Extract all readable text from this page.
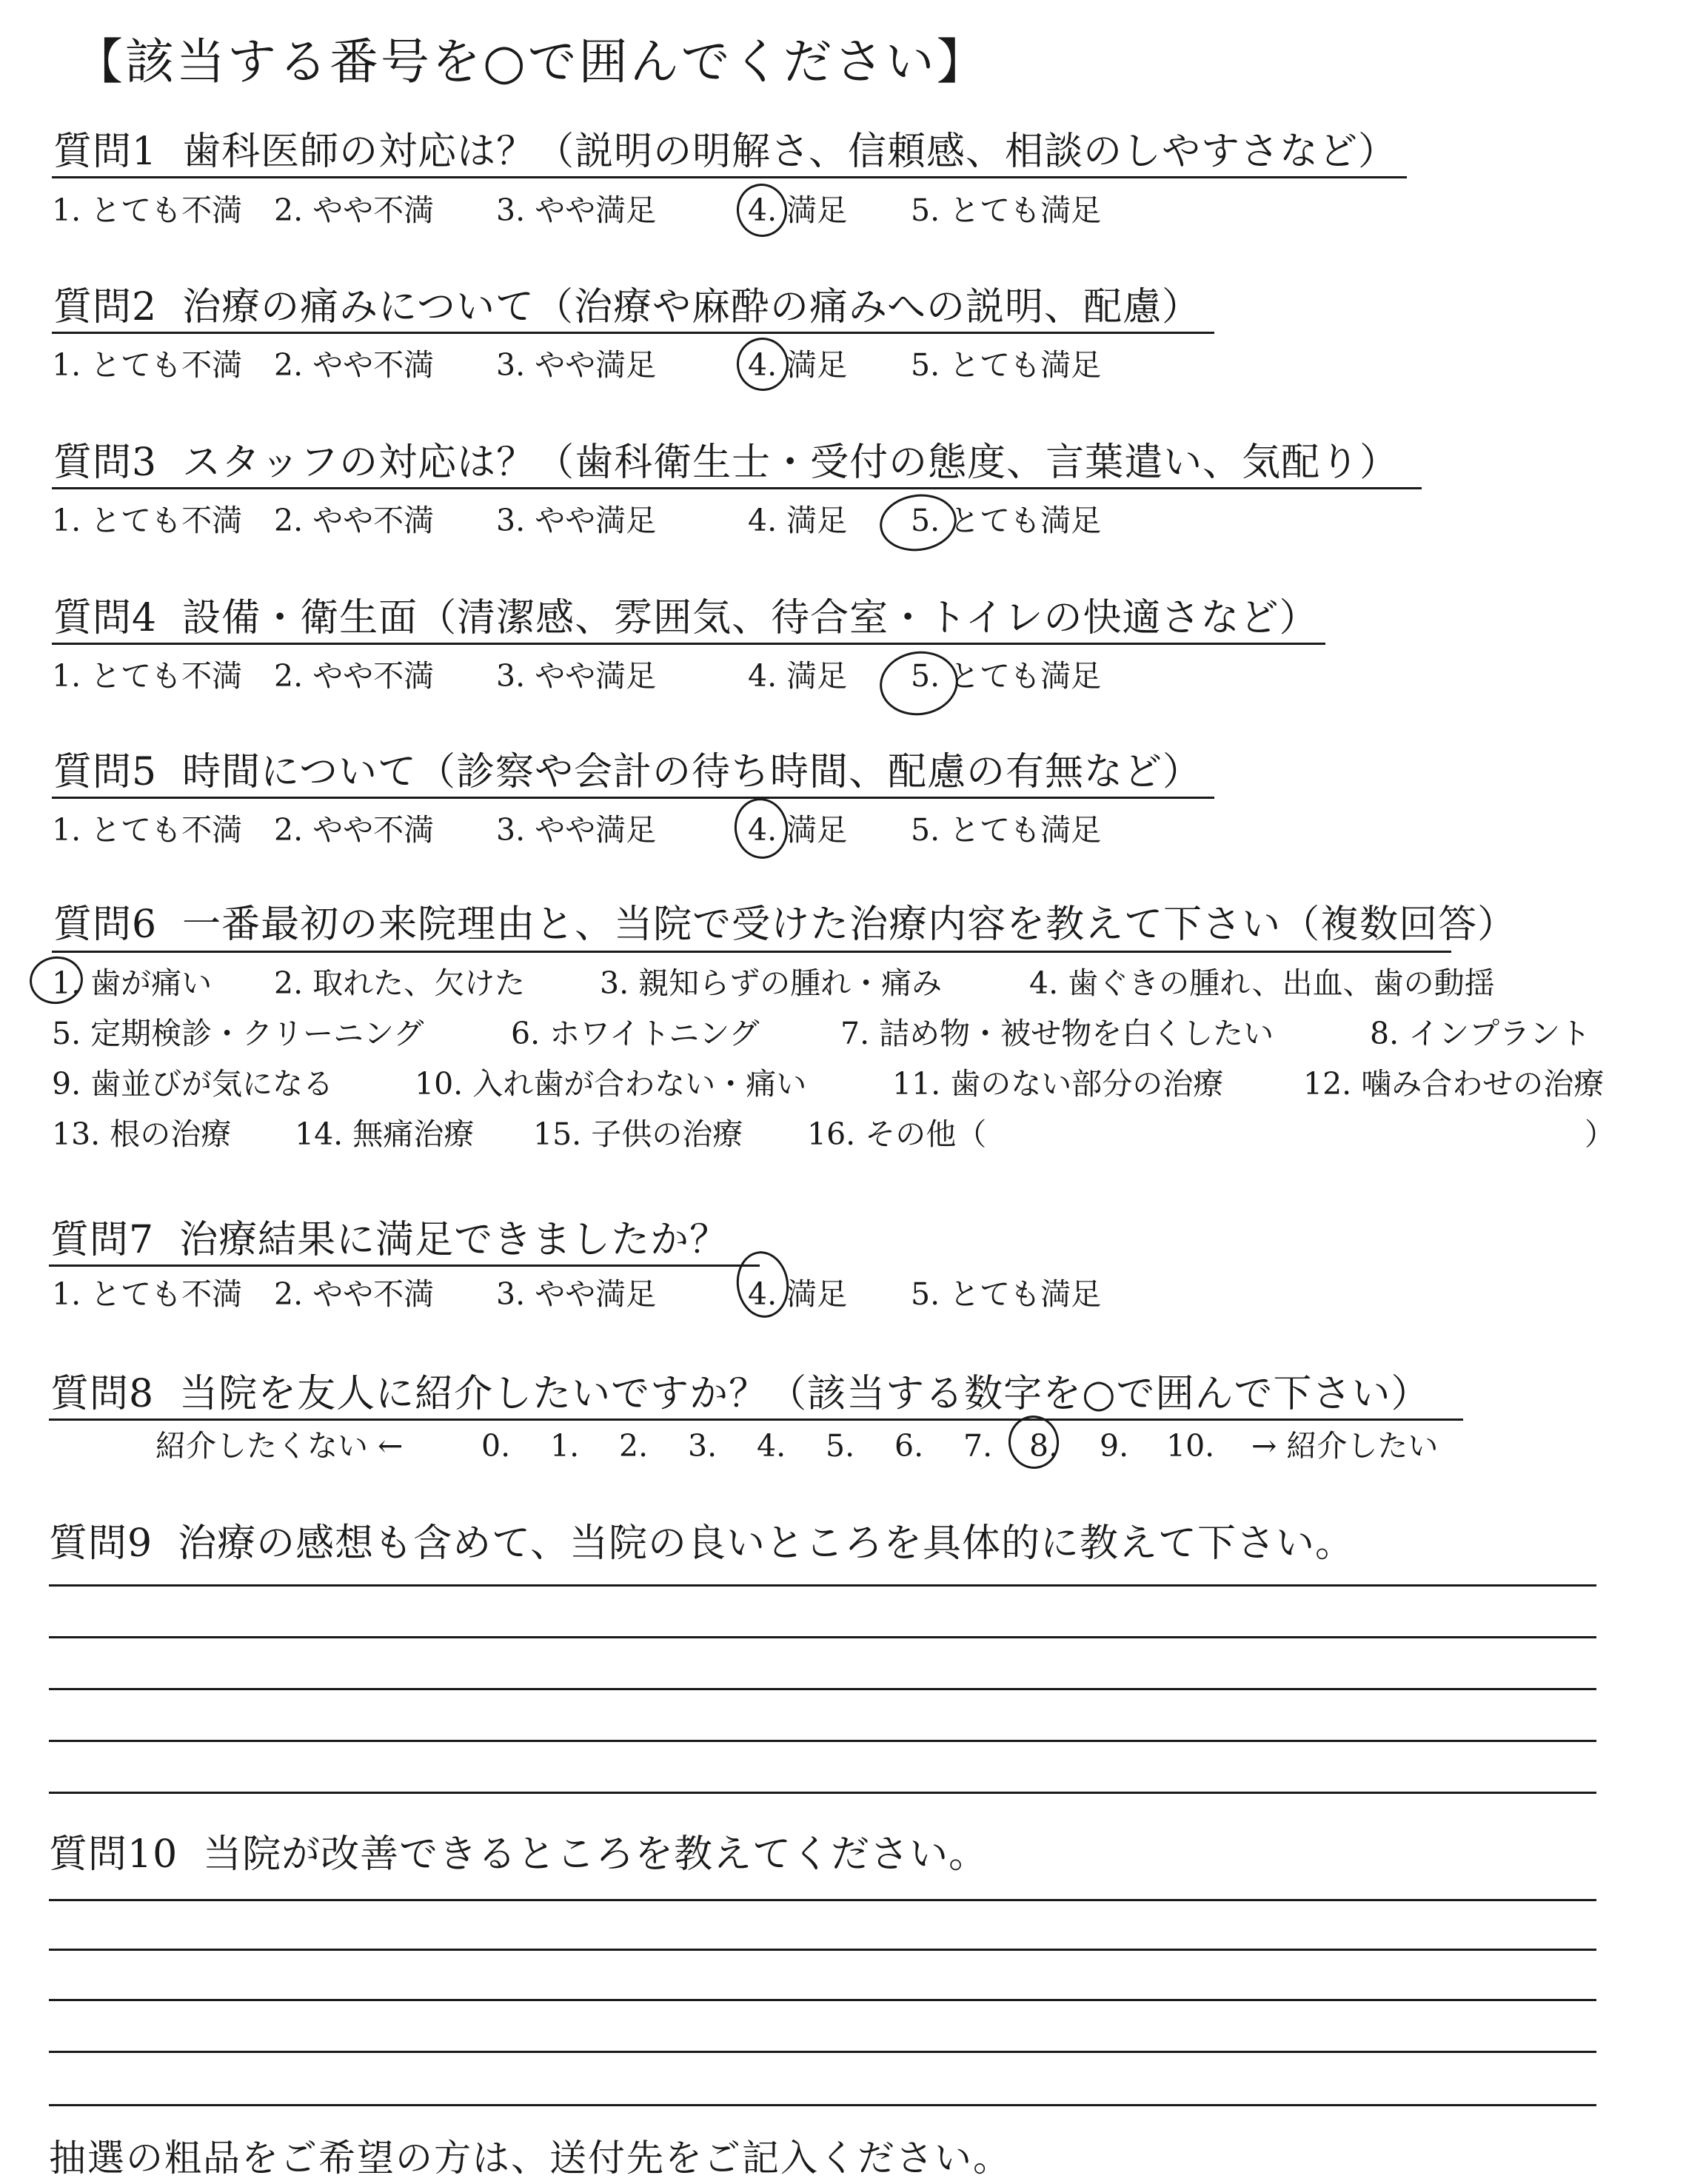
【該当する番号を○で囲んでください】
質問1 歯科医師の対応は？（説明の明解さ、信頼感、相談のしやすさなど）
1. とても不満 2. やや不満 3. やや満足	4. 満足 5. とても満足
質問2 治療の痛みについて（治療や麻酔の痛みへの説明、配慮）
1. とても不満 2. やや不満 3. やや満足	4. 満足 5. とても満足
質問3 スタッフの対応は？（歯科衛生士・受付の態度、言葉遣い、気配り）
1. とても不満 2. やや不満 3. やや満足	4. 満足 5. とても満足
質問4 設備・衛生面（清潔感、雰囲気、待合室・トイレの快適さなど）
1. とても不満 2. やや不満 3. やや満足	4. 満足 5. とても満足
質問5 時間について（診察や会計の待ち時間、配慮の有無など）
1. とても不満 2. やや不満 3. やや満足	4. 満足 5. とても満足
質問6 一番最初の来院理由と、当院で受けた治療内容を教えて下さい（複数回答）
1. 歯が痛い 2. 取れた、欠けた 3. 親知らずの腫れ・痛み	4. 歯ぐきの腫れ、出血、歯の動揺
5. 定期検診・クリーニング	6. ホワイトニング	7. 詰め物・被せ物を白くしたい	8. インプラント
9. 歯並びが気になる	10. 入れ歯が合わない・痛い	11. 歯のない部分の治療	12. 噛み合わせの治療
13. 根の治療 14. 無痛治療 15. 子供の治療 16. その他（	）
質問7 治療結果に満足できましたか？
1. とても不満 2. やや不満 3. やや満足	4. 満足 5. とても満足
質問8 当院を友人に紹介したいですか？（該当する数字を○で囲んで下さい）
紹介したくない ←	0. 1. 2. 3. 4. 5. 6. 7. 8. 9. 10. → 紹介したい
質問9 治療の感想も含めて、当院の良いところを具体的に教えて下さい。
質問10 当院が改善できるところを教えてください。
抽選の粗品をご希望の方は、送付先をご記入ください。
